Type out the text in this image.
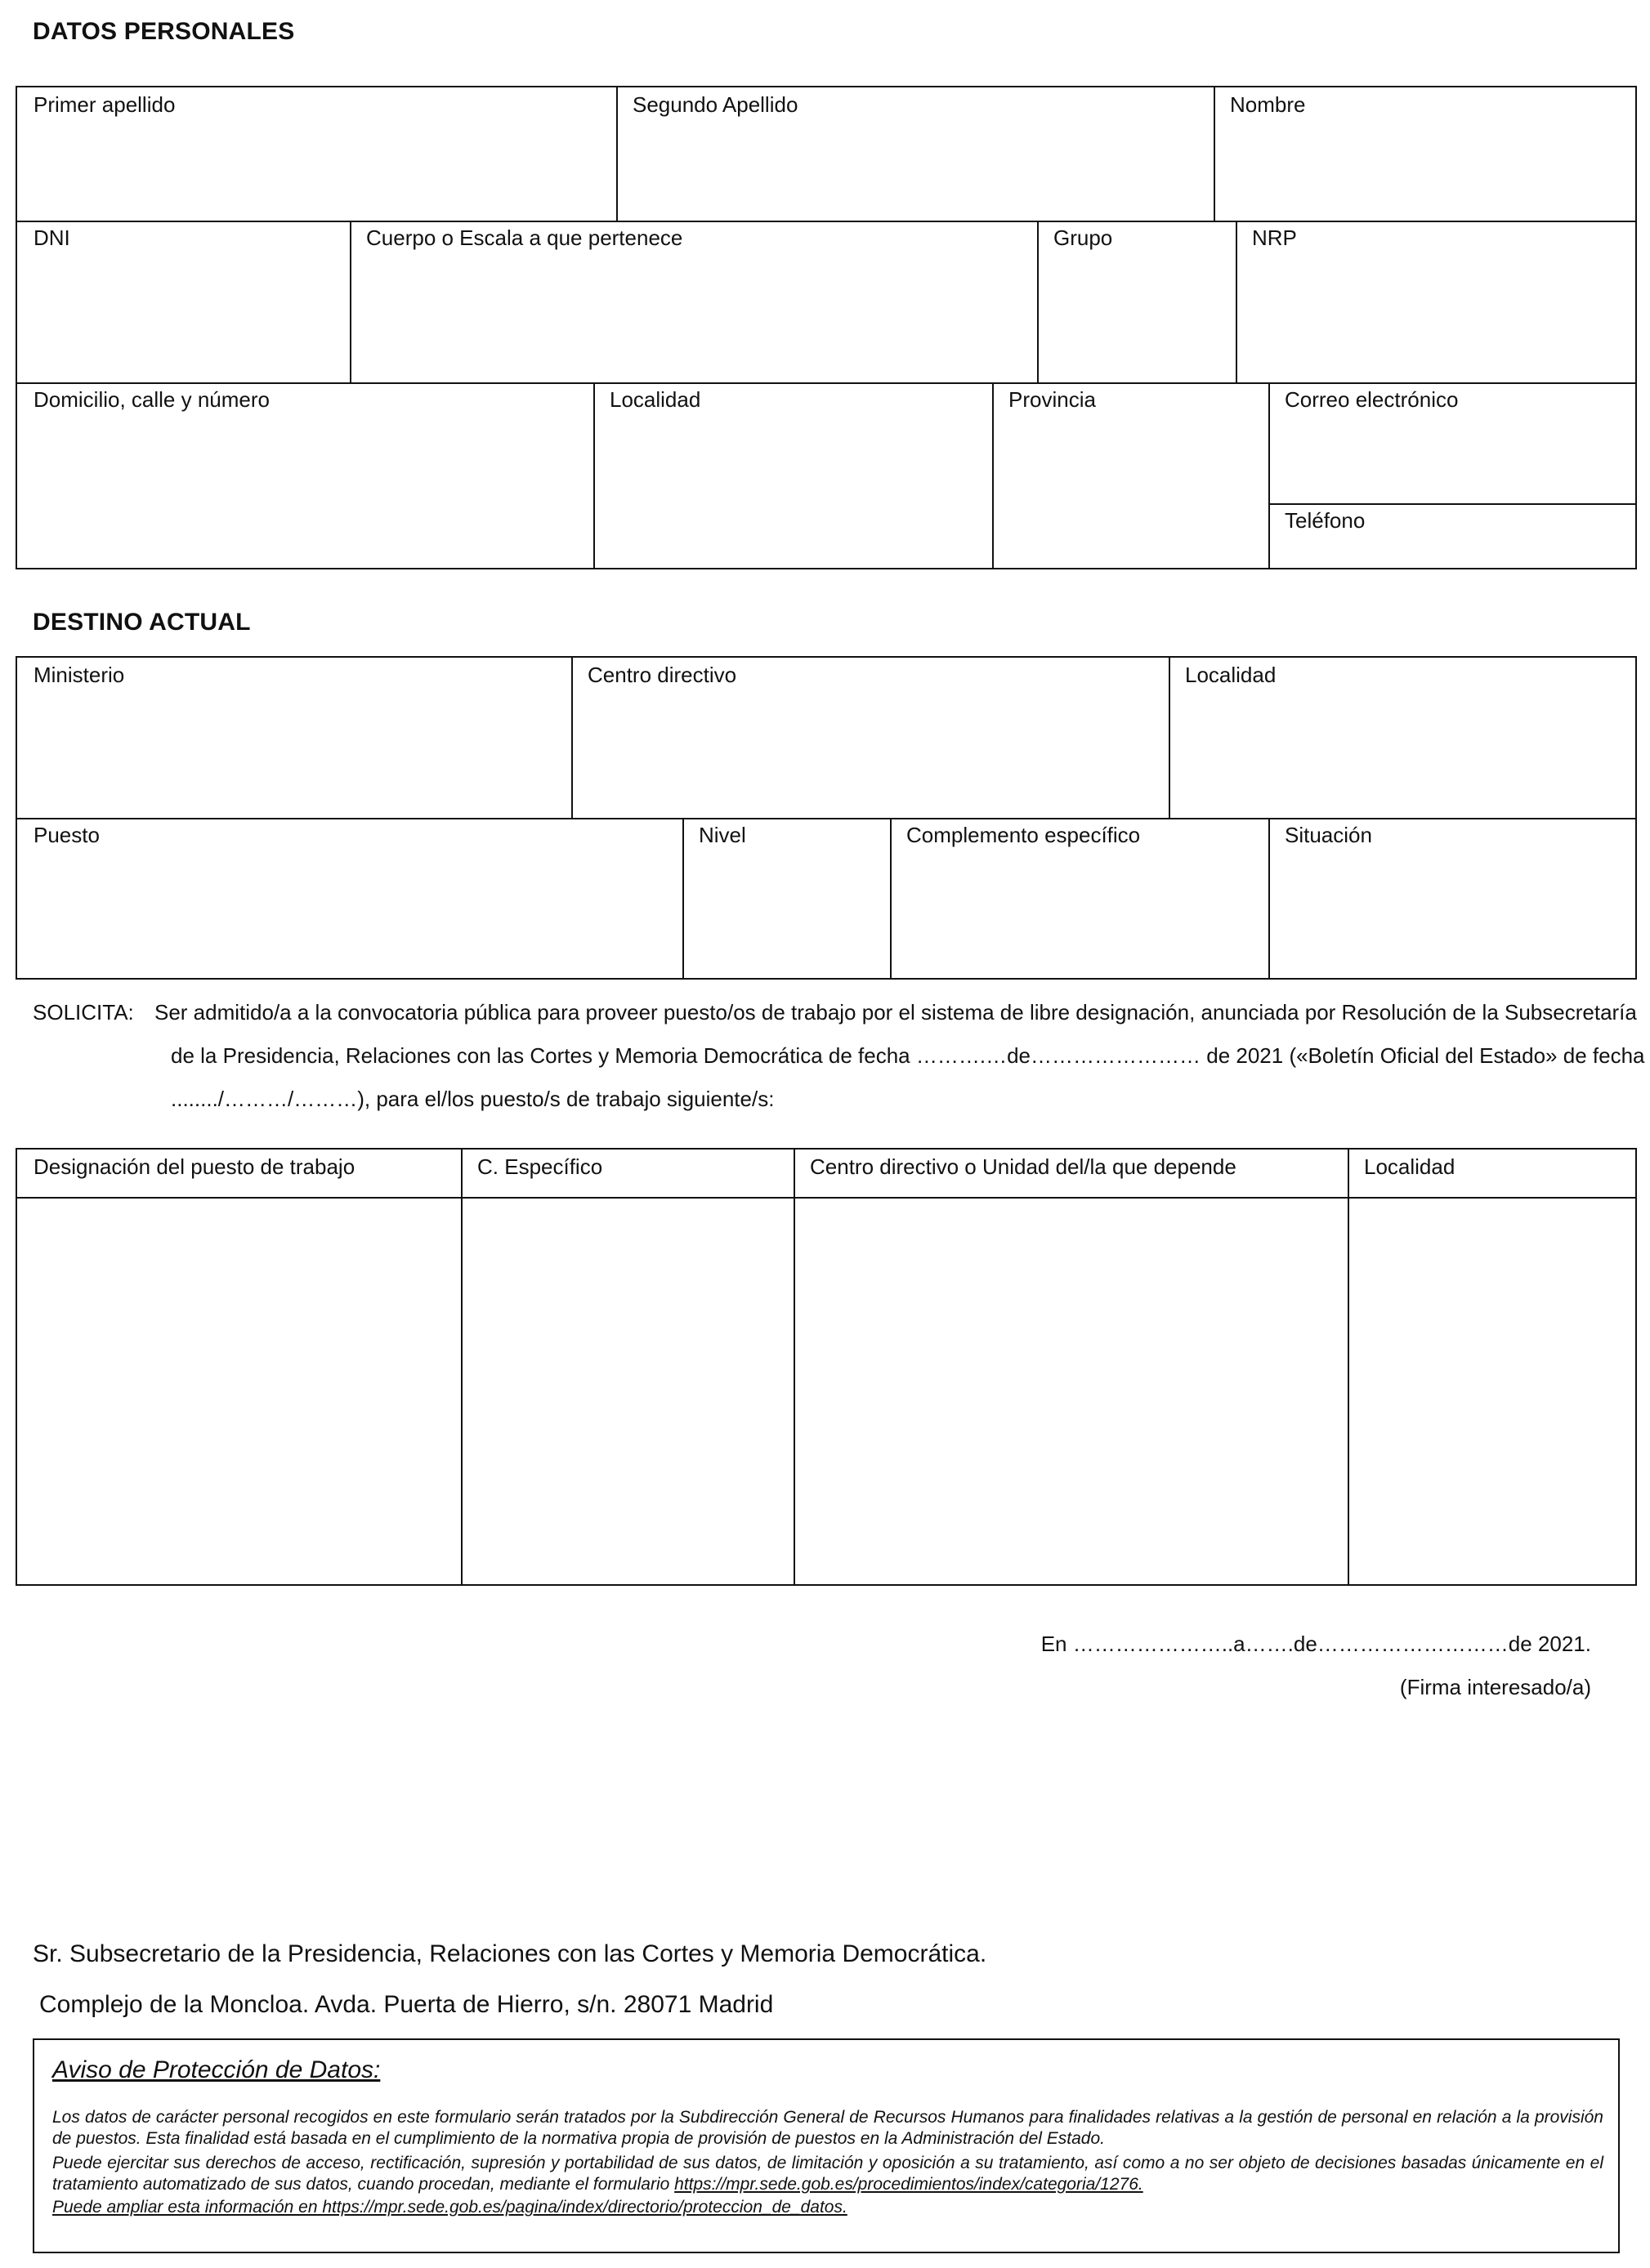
DATOS PERSONALES
Primer apellido	Segundo Apellido	Nombre
DNI	Cuerpo o Escala a que pertenece	Grupo	NRP
Domicilio, calle y número	Localidad	Provincia	Correo electrónico
Teléfono
DESTINO ACTUAL
Ministerio	Centro directivo	Localidad
Puesto	Nivel	Complemento específico	Situación
SOLICITA: Ser admitido/a a la convocatoria pública para proveer puesto/os de trabajo por el sistema de libre designación, anunciada por Resolución de la Subsecretaría
de la Presidencia, Relaciones con las Cortes y Memoria Democrática de fecha ……….…de…………………… de 2021 («Boletín Oficial del Estado» de fecha
......../………/………), para el/los puesto/s de trabajo siguiente/s:
Designación del puesto de trabajo	C. Específico	Centro directivo o Unidad del/la que depende	Localidad
En …………………..a…….de………………………de 2021.
(Firma interesado/a)
Sr. Subsecretario de la Presidencia, Relaciones con las Cortes y Memoria Democrática.
Complejo de la Moncloa. Avda. Puerta de Hierro, s/n. 28071 Madrid
Aviso de Protección de Datos:
Los datos de carácter personal recogidos en este formulario serán tratados por la Subdirección General de Recursos Humanos para finalidades relativas a la gestión de personal en relación a la provisión de puestos. Esta finalidad está basada en el cumplimiento de la normativa propia de provisión de puestos en la Administración del Estado.
Puede ejercitar sus derechos de acceso, rectificación, supresión y portabilidad de sus datos, de limitación y oposición a su tratamiento, así como a no ser objeto de decisiones basadas únicamente en el tratamiento automatizado de sus datos, cuando procedan, mediante el formulario https://mpr.sede.gob.es/procedimientos/index/categoria/1276.
Puede ampliar esta información en https://mpr.sede.gob.es/pagina/index/directorio/proteccion_de_datos.
